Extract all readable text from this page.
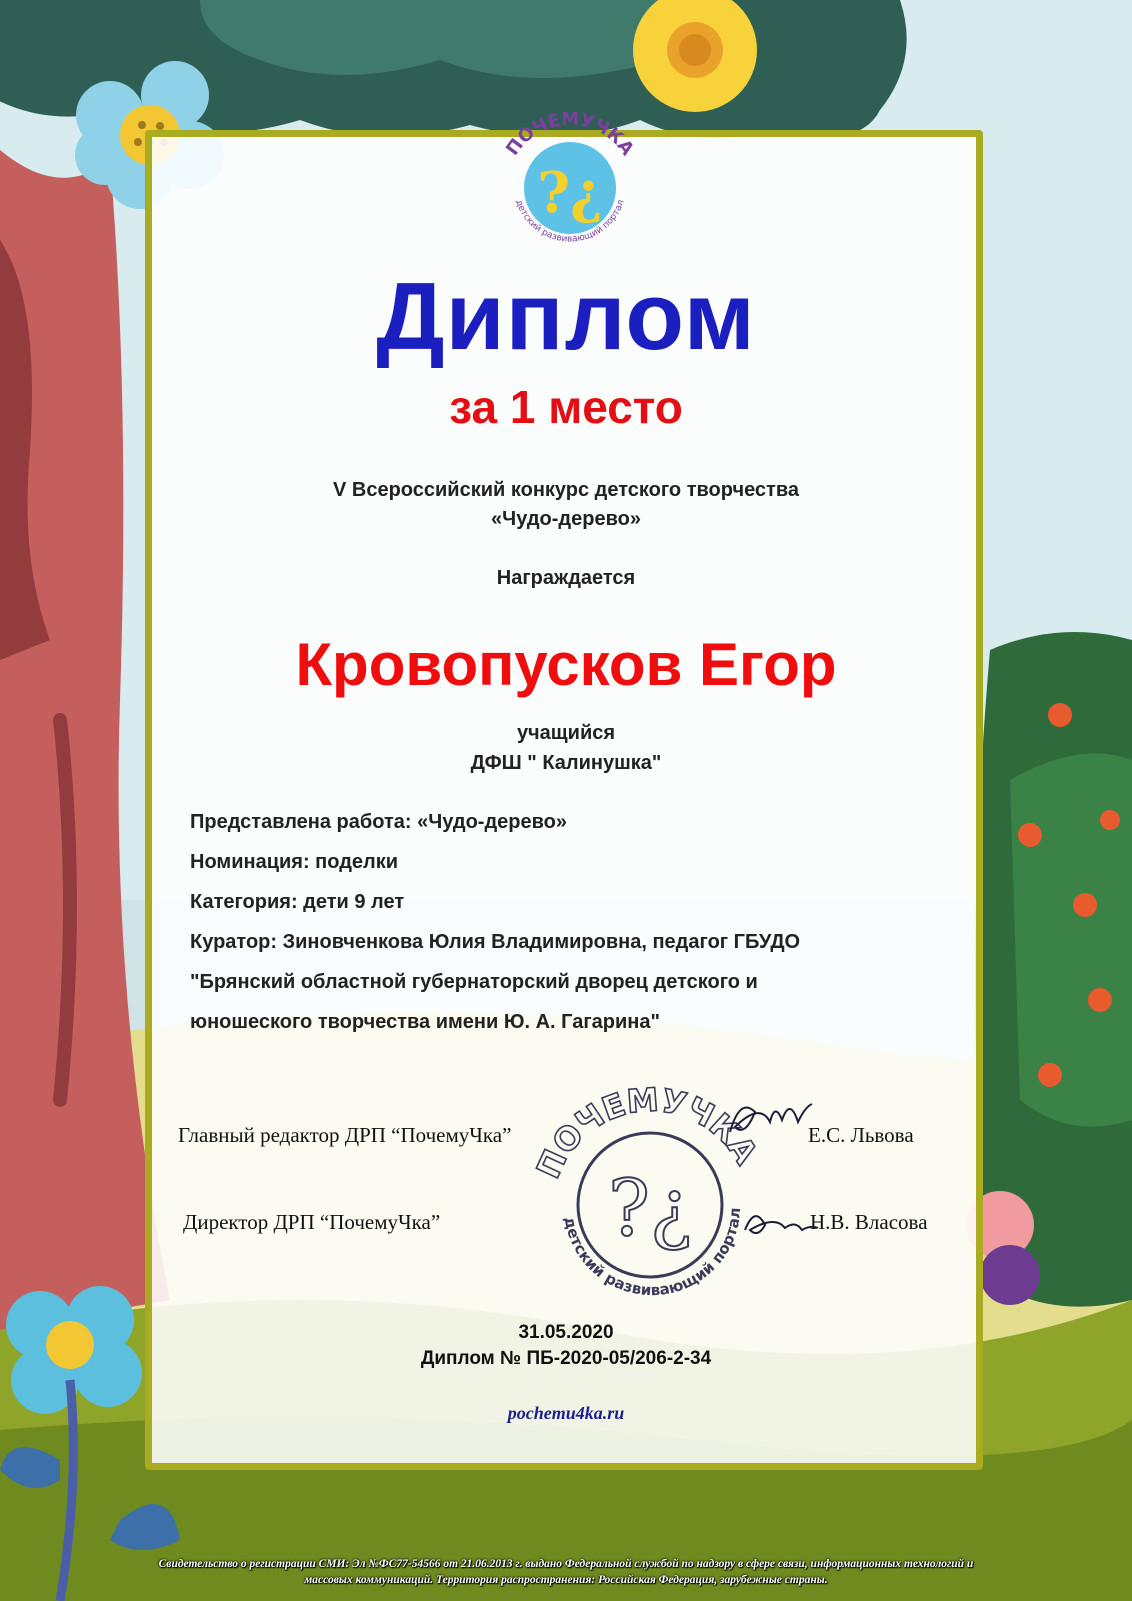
?¿
ПОЧЕМУЧКА
детский развивающий портал
Диплом
за 1 место
V Всероссийский конкурс детского творчества
«Чудо-дерево»
Награждается
Кровопусков Егор
учащийся
ДФШ " Калинушка"
Представлена работа: «Чудо-дерево»
Номинация: поделки
Категория: дети 9 лет
Куратор: Зиновченкова Юлия Владимировна, педагог ГБУДО
"Брянский областной губернаторский дворец детского и
юношеского творчества имени Ю. А. Гагарина"
?¿
ПОЧЕМУЧКА
детский развивающий портал
Главный редактор ДРП “ПочемуЧка”	Е.С. Львова
Директор ДРП “ПочемуЧка”	Н.В. Власова
31.05.2020
Диплом № ПБ-2020-05/206-2-34
pochemu4ka.ru
Свидетельство о регистрации СМИ: Эл №ФС77-54566 от 21.06.2013 г. выдано Федеральной службой по надзору в сфере связи, информационных технологий и
массовых коммуникаций. Территория распространения: Российская Федерация, зарубежные страны.
